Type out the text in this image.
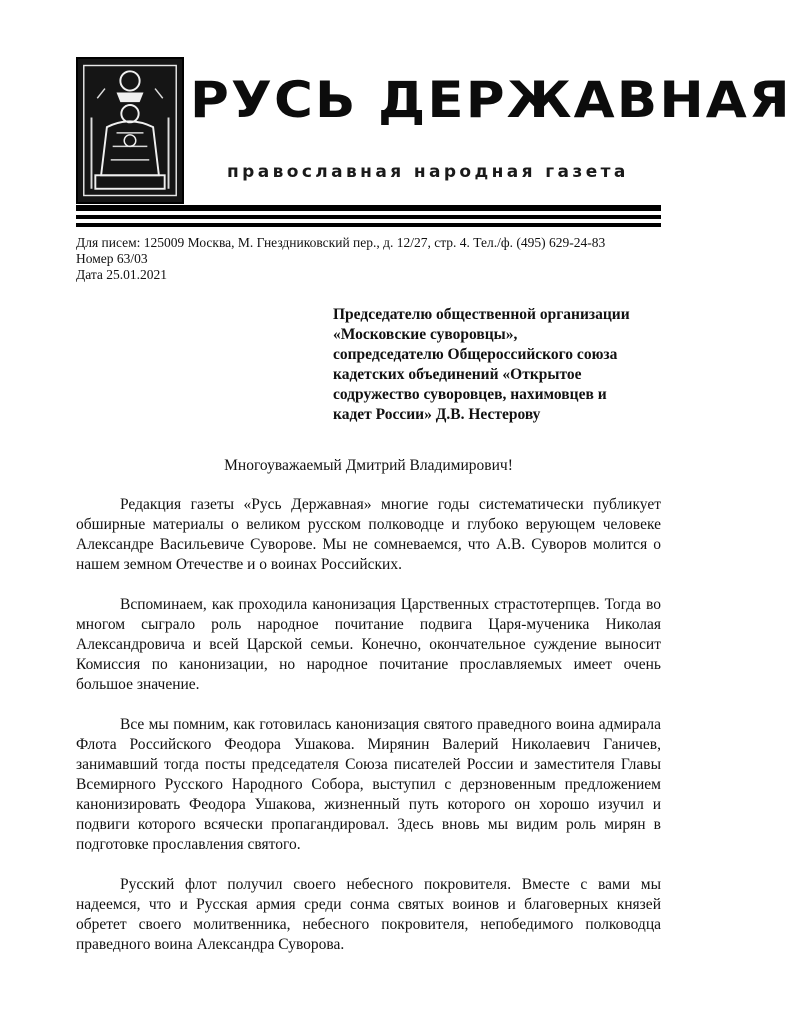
РУСЬ ДЕРЖАВНАЯ
православная народная газета
Для писем: 125009 Москва, М. Гнездниковский пер., д. 12/27, стр. 4. Тел./ф. (495) 629-24-83
Номер 63/03
Дата 25.01.2021
Председателю общественной организации
«Московские суворовцы»,
сопредседателю Общероссийского союза
кадетских объединений «Открытое
содружество суворовцев, нахимовцев и
кадет России» Д.В. Нестерову
Многоуважаемый Дмитрий Владимирович!

Редакция газеты «Русь Державная» многие годы систематически публикует обширные материалы о великом русском полководце и глубоко верующем человеке Александре Васильевиче Суворове. Мы не сомневаемся, что А.В. Суворов молится о нашем земном Отечестве и о воинах Российских.

Вспоминаем, как проходила канонизация Царственных страстотерпцев. Тогда во многом сыграло роль народное почитание подвига Царя-мученика Николая Александровича и всей Царской семьи. Конечно, окончательное суждение выносит Комиссия по канонизации, но народное почитание прославляемых имеет очень большое значение.

Все мы помним, как готовилась канонизация святого праведного воина адмирала Флота Российского Феодора Ушакова. Мирянин Валерий Николаевич Ганичев, занимавший тогда посты председателя Союза писателей России и заместителя Главы Всемирного Русского Народного Собора, выступил с дерзновенным предложением канонизировать Феодора Ушакова, жизненный путь которого он хорошо изучил и подвиги которого всячески пропагандировал. Здесь вновь мы видим роль мирян в подготовке прославления святого.

Русский флот получил своего небесного покровителя. Вместе с вами мы надеемся, что и Русская армия среди сонма святых воинов и благоверных князей обретет своего молитвенника, небесного покровителя, непобедимого полководца праведного воина Александра Суворова.
